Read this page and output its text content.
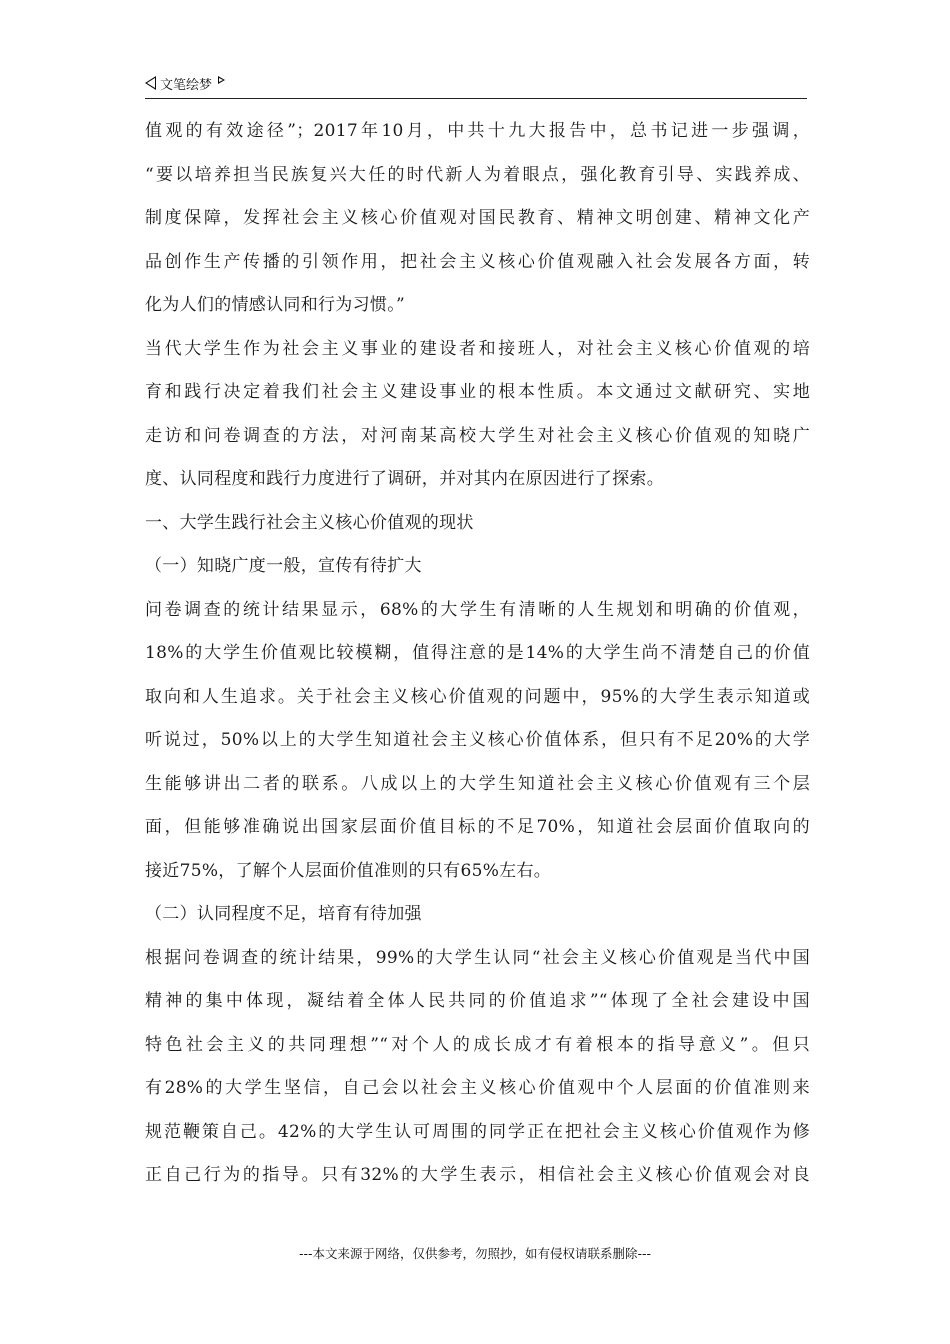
文笔绘梦
值观的有效途径”；2017年10月，中共十九大报告中，总书记进一步强调，
“要以培养担当民族复兴大任的时代新人为着眼点，强化教育引导、实践养成、
制度保障，发挥社会主义核心价值观对国民教育、精神文明创建、精神文化产
品创作生产传播的引领作用，把社会主义核心价值观融入社会发展各方面，转
化为人们的情感认同和行为习惯。”
当代大学生作为社会主义事业的建设者和接班人，对社会主义核心价值观的培
育和践行决定着我们社会主义建设事业的根本性质。本文通过文献研究、实地
走访和问卷调查的方法，对河南某高校大学生对社会主义核心价值观的知晓广
度、认同程度和践行力度进行了调研，并对其内在原因进行了探索。
一、大学生践行社会主义核心价值观的现状
（一）知晓广度一般，宣传有待扩大
问卷调查的统计结果显示，68%的大学生有清晰的人生规划和明确的价值观，
18%的大学生价值观比较模糊，值得注意的是14%的大学生尚不清楚自己的价值
取向和人生追求。关于社会主义核心价值观的问题中，95%的大学生表示知道或
听说过，50%以上的大学生知道社会主义核心价值体系，但只有不足20%的大学
生能够讲出二者的联系。八成以上的大学生知道社会主义核心价值观有三个层
面，但能够准确说出国家层面价值目标的不足70%，知道社会层面价值取向的
接近75%，了解个人层面价值准则的只有65%左右。
（二）认同程度不足，培育有待加强
根据问卷调查的统计结果，99%的大学生认同“社会主义核心价值观是当代中国
精神的集中体现，凝结着全体人民共同的价值追求”“体现了全社会建设中国
特色社会主义的共同理想”“对个人的成长成才有着根本的指导意义”。但只
有28%的大学生坚信，自己会以社会主义核心价值观中个人层面的价值准则来
规范鞭策自己。42%的大学生认可周围的同学正在把社会主义核心价值观作为修
正自己行为的指导。只有32%的大学生表示，相信社会主义核心价值观会对良
---本文来源于网络，仅供参考，勿照抄，如有侵权请联系删除---
